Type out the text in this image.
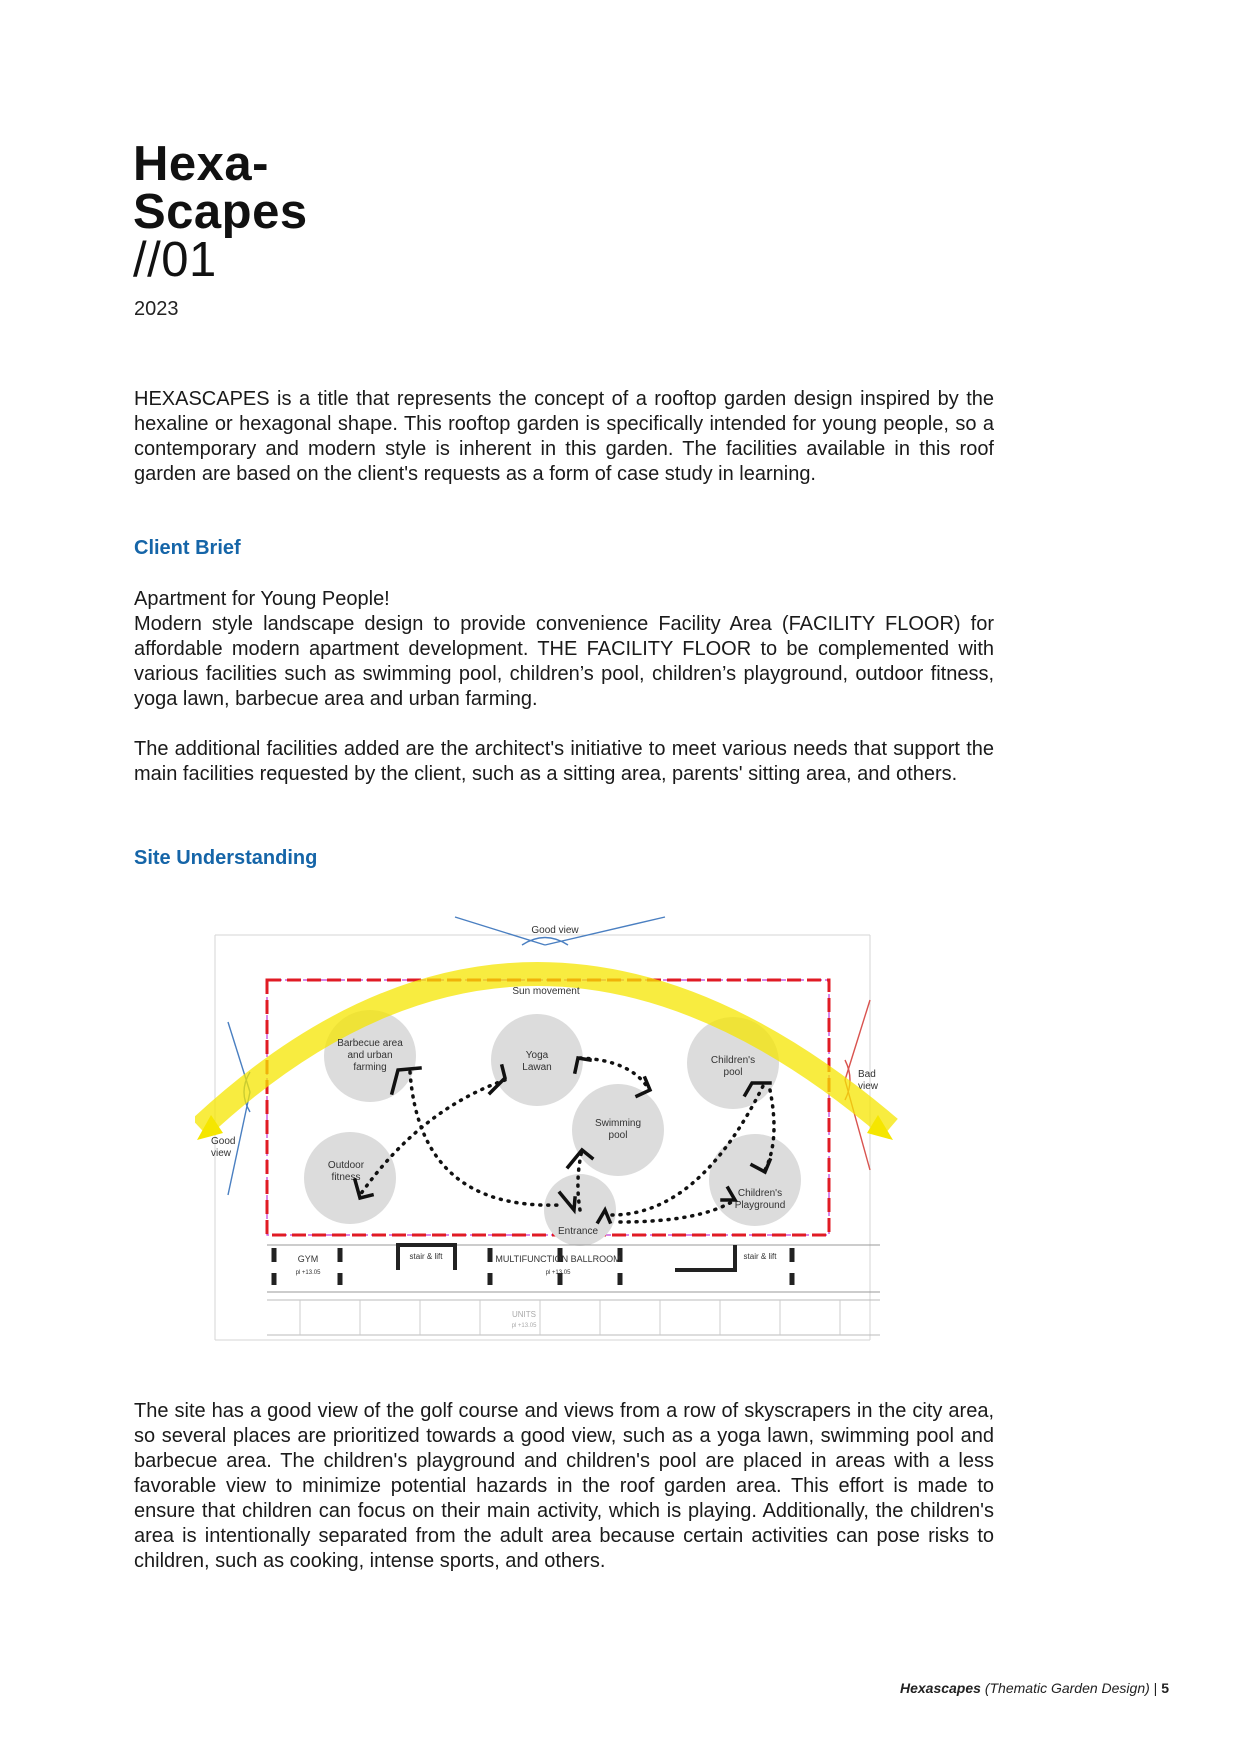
Hexa-
Scapes
//01
2023

HEXASCAPES is a title that represents the concept of a rooftop garden design inspired by the hexaline or hexagonal shape. This rooftop garden is specifically intended for young people, so a contemporary and modern style is inherent in this garden. The facilities available in this roof garden are based on the client's requests as a form of case study in learning.

Client Brief

Apartment for Young People!

Modern style landscape design to provide convenience Facility Area (FACILITY FLOOR) for affordable modern apartment development. THE FACILITY FLOOR to be complemented with various facilities such as swimming pool, children’s pool, children’s playground, outdoor fitness, yoga lawn, barbecue area and urban farming.

The additional facilities added are the architect's initiative to meet various needs that support the main facilities requested by the client, such as a sitting area, parents' sitting area, and others.

Site Understanding
Good view
Good
view
Bad
view
Sun movement
Barbecue area
and urban
farming
Yoga
Lawan
Children's
pool
Swimming
pool
Outdoor
fitness
Children's
Playground
Entrance
GYM
pl +13.05
stair & lift	MULTIFUNCTION BALLROOM
pl +13.05
stair & lift
UNITS
pl +13.05

The site has a good view of the golf course and views from a row of skyscrapers in the city area, so several places are prioritized towards a good view, such as a yoga lawn, swimming pool and barbecue area. The children's playground and children's pool are placed in areas with a less favorable view to minimize potential hazards in the roof garden area. This effort is made to ensure that children can focus on their main activity, which is playing. Additionally, the children's area is intentionally separated from the adult area because certain activities can pose risks to children, such as cooking, intense sports, and others.

Hexascapes (Thematic Garden Design) | 5
